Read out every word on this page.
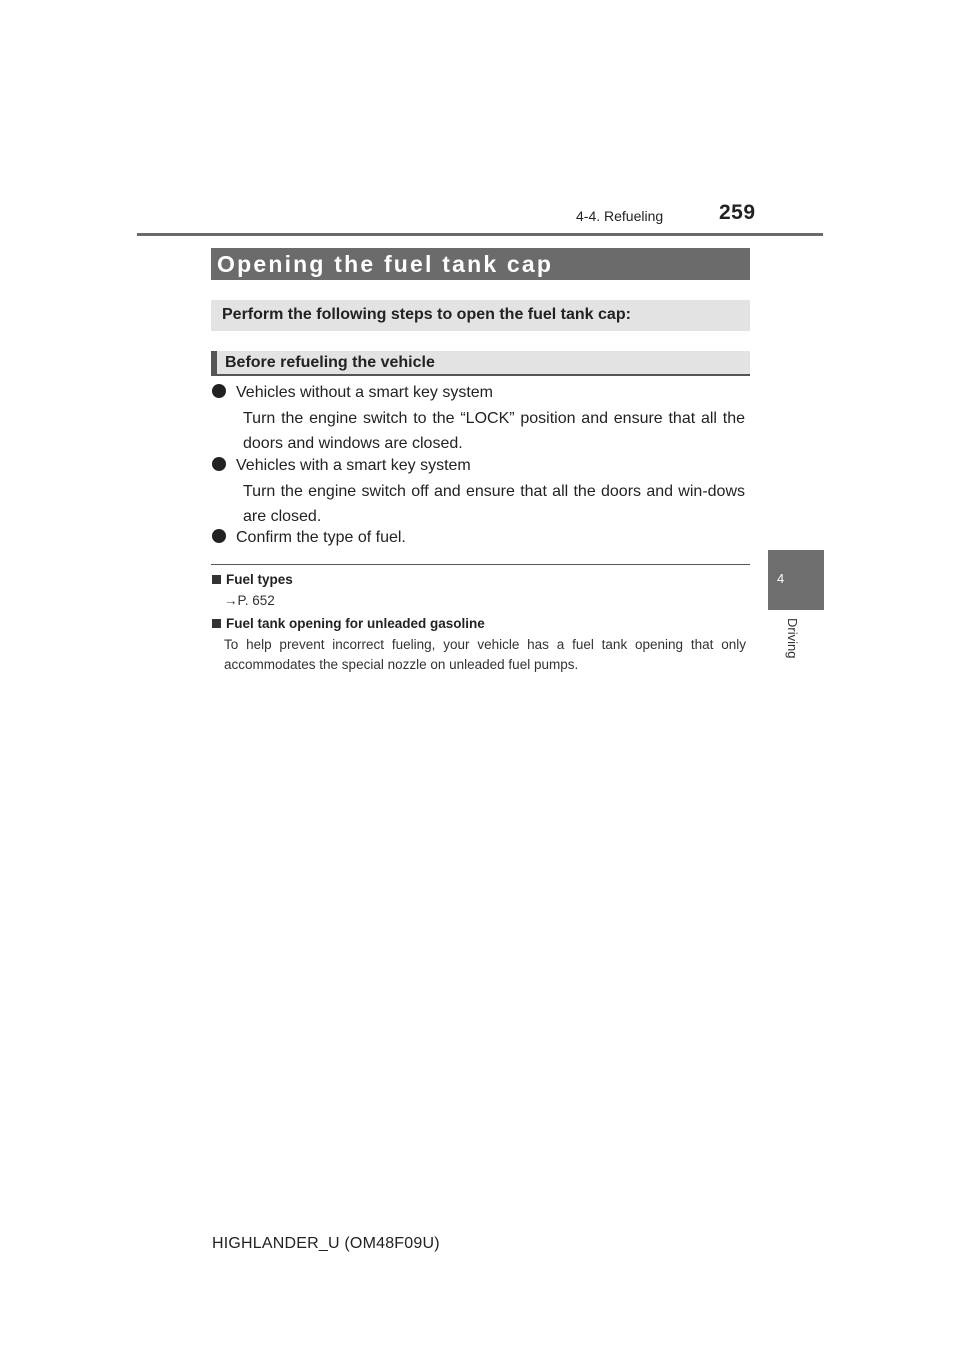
4-4. Refueling	259
4
Driving
Opening the fuel tank cap
Perform the following steps to open the fuel tank cap:
Before refueling the vehicle
Vehicles without a smart key system
Turn the engine switch to the “LOCK” position and ensure that all the doors and windows are closed.
Vehicles with a smart key system
Turn the engine switch off and ensure that all the doors and win-dows are closed.
Confirm the type of fuel.
Fuel types
→P. 652
Fuel tank opening for unleaded gasoline
To help prevent incorrect fueling, your vehicle has a fuel tank opening that only accommodates the special nozzle on unleaded fuel pumps.
HIGHLANDER_U (OM48F09U)
